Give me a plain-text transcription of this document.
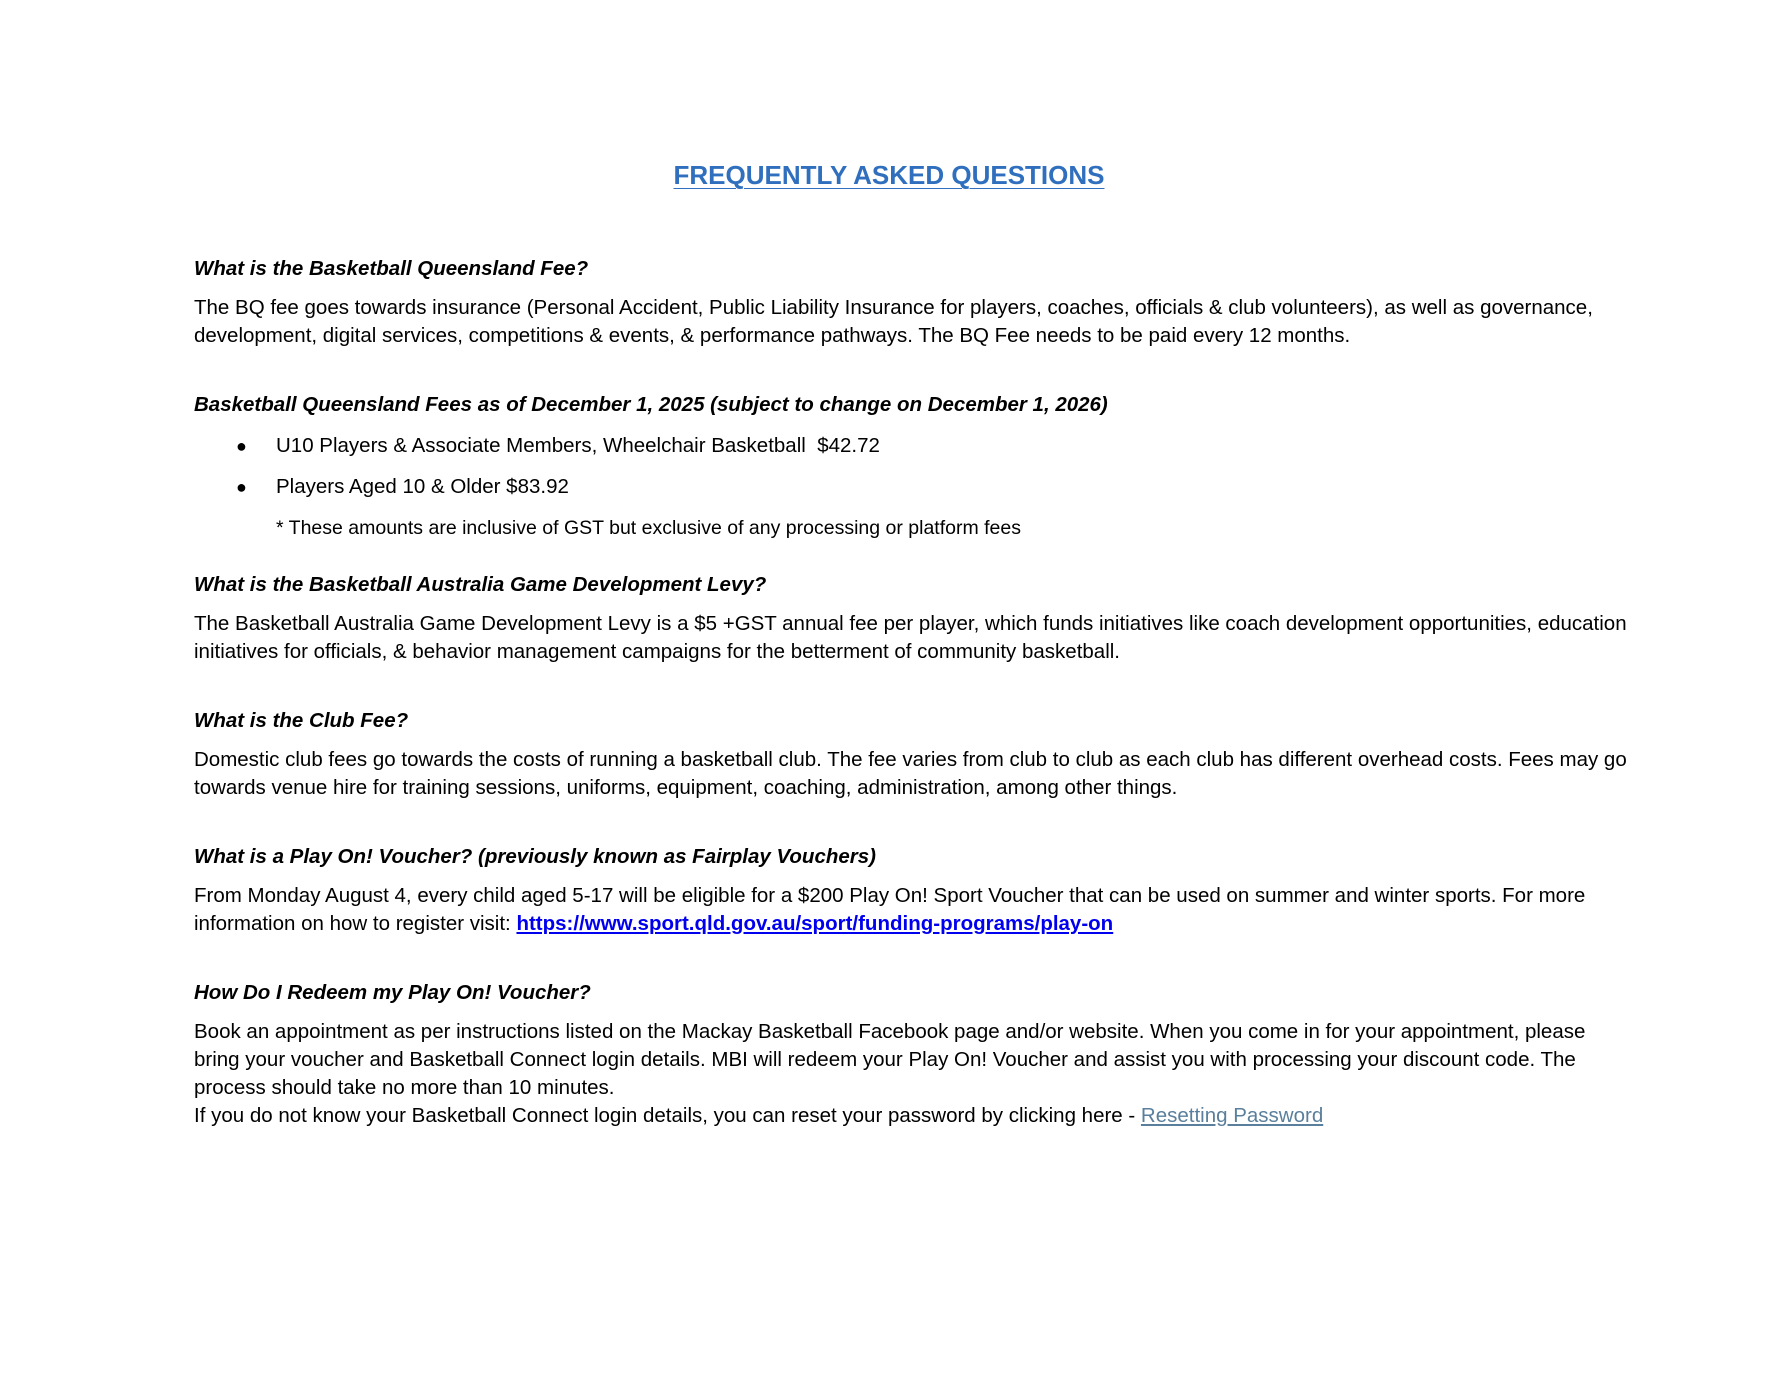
FREQUENTLY ASKED QUESTIONS

What is the Basketball Queensland Fee?

The BQ fee goes towards insurance (Personal Accident, Public Liability Insurance for players, coaches, officials & club volunteers), as well as governance, development, digital services, competitions & events, & performance pathways. The BQ Fee needs to be paid every 12 months.

Basketball Queensland Fees as of December 1, 2025 (subject to change on December 1, 2026)

● U10 Players & Associate Members, Wheelchair Basketball  $42.72
● Players Aged 10 & Older $83.92

* These amounts are inclusive of GST but exclusive of any processing or platform fees

What is the Basketball Australia Game Development Levy?

The Basketball Australia Game Development Levy is a $5 +GST annual fee per player, which funds initiatives like coach development opportunities, education initiatives for officials, & behavior management campaigns for the betterment of community basketball.

What is the Club Fee?

Domestic club fees go towards the costs of running a basketball club. The fee varies from club to club as each club has different overhead costs. Fees may go towards venue hire for training sessions, uniforms, equipment, coaching, administration, among other things.

What is a Play On! Voucher? (previously known as Fairplay Vouchers)

From Monday August 4, every child aged 5-17 will be eligible for a $200 Play On! Sport Voucher that can be used on summer and winter sports. For more information on how to register visit: https://www.sport.qld.gov.au/sport/funding-programs/play-on

How Do I Redeem my Play On! Voucher?

Book an appointment as per instructions listed on the Mackay Basketball Facebook page and/or website. When you come in for your appointment, please bring your voucher and Basketball Connect login details. MBI will redeem your Play On! Voucher and assist you with processing your discount code. The process should take no more than 10 minutes.

If you do not know your Basketball Connect login details, you can reset your password by clicking here - Resetting Password
